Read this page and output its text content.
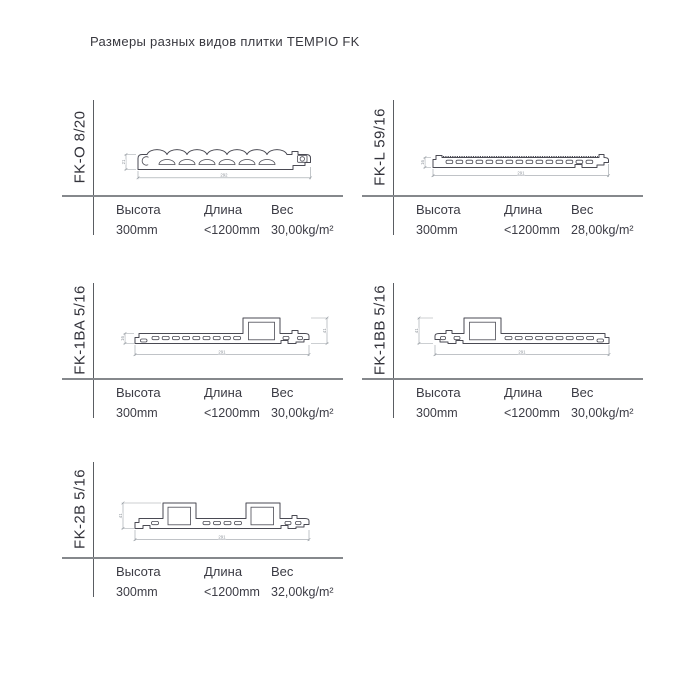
Размеры разных видов плитки TEMPIO FK
FK-O 8/20	292
21
Высота	Длина Вес
300mm	<1200mm 30,00kg/m²
FK-L 59/16	291
16
Высота	Длина Вес
300mm	<1200mm 28,00kg/m²
FK-1BA 5/16	291
41
16
Высота	Длина Вес
300mm	<1200mm 30,00kg/m²
FK-1BB 5/16	291
41
Высота	Длина Вес
300mm	<1200mm 30,00kg/m²
FK-2B 5/16	291
41
Высота	Длина Вес
300mm	<1200mm 32,00kg/m²
